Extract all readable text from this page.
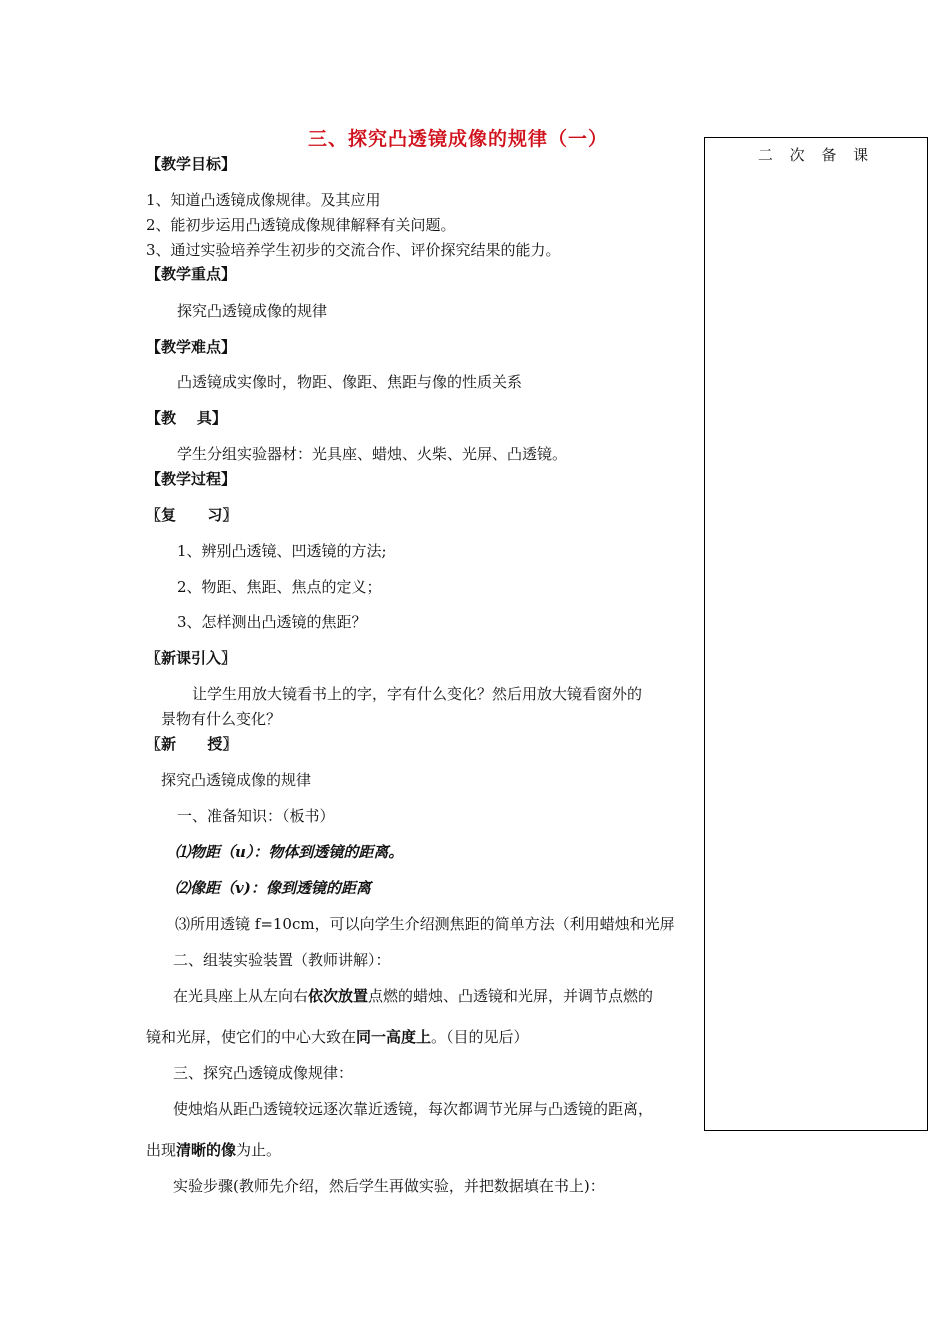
三、探究凸透镜成像的规律（一）
二 次 备 课
【教学目标】
1、知道凸透镜成像规律。及其应用
2、能初步运用凸透镜成像规律解释有关问题。
3、通过实验培养学生初步的交流合作、评价探究结果的能力。
【教学重点】
探究凸透镜成像的规律
【教学难点】
凸透镜成实像时，物距、像距、焦距与像的性质关系
【教    具】
学生分组实验器材：光具座、蜡烛、火柴、光屏、凸透镜。
【教学过程】
〖复      习〗
1、辨别凸透镜、凹透镜的方法;
2、物距、焦距、焦点的定义；
3、怎样测出凸透镜的焦距？
〖新课引入〗
让学生用放大镜看书上的字，字有什么变化？然后用放大镜看窗外的
景物有什么变化？
〖新      授〗
探究凸透镜成像的规律
一、准备知识：（板书）
⑴物距（u）：物体到透镜的距离。
⑵像距（v)：像到透镜的距离
⑶所用透镜 f=10cm，可以向学生介绍测焦距的简单方法（利用蜡烛和光屏
二、组装实验装置（教师讲解）：
在光具座上从左向右依次放置点燃的蜡烛、凸透镜和光屏，并调节点燃的
镜和光屏，使它们的中心大致在同一高度上。（目的见后）
三、探究凸透镜成像规律：
使烛焰从距凸透镜较远逐次靠近透镜，每次都调节光屏与凸透镜的距离，
出现清晰的像为止。
实验步骤(教师先介绍，然后学生再做实验，并把数据填在书上)：
